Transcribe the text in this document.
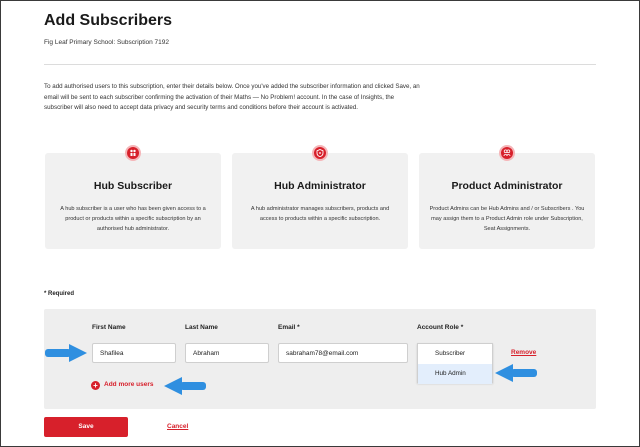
Add Subscribers
Fig Leaf Primary School: Subscription 7192
To add authorised users to this subscription, enter their details below. Once you've added the subscriber information and clicked Save, an email will be sent to each subscriber confirming the activation of their Maths — No Problem! account. In the case of Insights, the subscriber will also need to accept data privacy and security terms and conditions before their account is activated.
Hub Subscriber
A hub subscriber is a user who has been given access to a product or products within a specific subscription by an authorised hub administrator.
Hub Administrator
A hub administrator manages subscribers, products and access to products within a specific subscription.
Product Administrator
Product Admins can be Hub Admins and / or Subscribers . You may assign them to a Product Admin role under Subscription, Seat Assignments.
* Required
First Name	Last Name	Email *	Account Role *
Shafilea	Abraham	sabraham78@email.com	Subscriber
Hub Admin
Remove
+ Add more users
Save	Cancel
